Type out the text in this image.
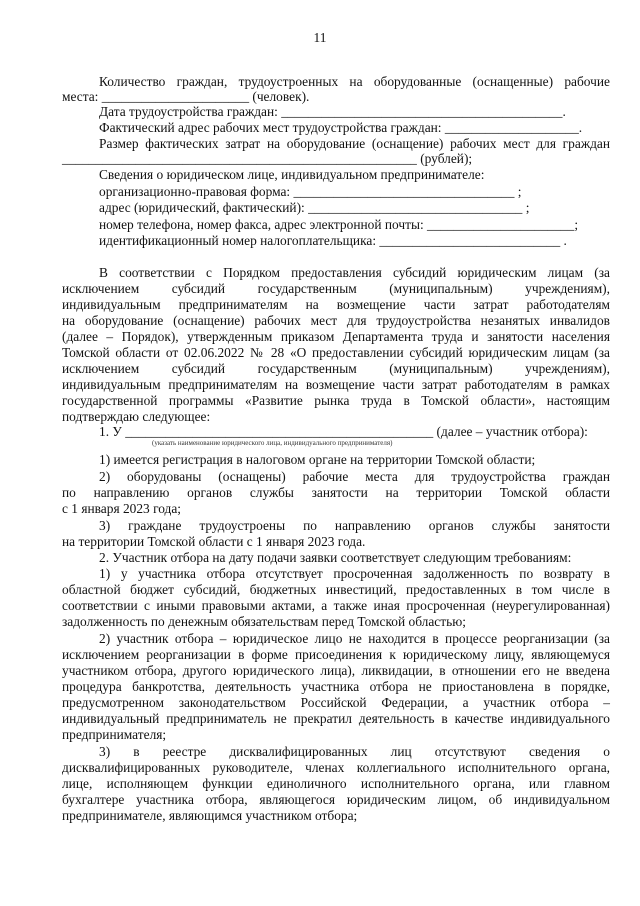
11
Количество граждан, трудоустроенных на оборудованные (оснащенные) рабочие
места: ______________________ (человек).
Дата трудоустройства граждан: __________________________________________.
Фактический адрес рабочих мест трудоустройства граждан: ____________________.
Размер фактических затрат на оборудование (оснащение) рабочих мест для граждан
_____________________________________________________ (рублей);
Сведения о юридическом лице, индивидуальном предпринимателе:
организационно-правовая форма: _________________________________ ;
адрес (юридический, фактический): ________________________________ ;
номер телефона, номер факса, адрес электронной почты: ______________________;
идентификационный номер налогоплательщика: ___________________________ .
В соответствии с Порядком предоставления субсидий юридическим лицам (за
исключением субсидий государственным (муниципальным) учреждениям),
индивидуальным предпринимателям на возмещение части затрат работодателям
на оборудование (оснащение) рабочих мест для трудоустройства незанятых инвалидов
(далее – Порядок), утвержденным приказом Департамента труда и занятости населения
Томской области от 02.06.2022 № 28 «О предоставлении субсидий юридическим лицам (за
исключением субсидий государственным (муниципальным) учреждениям),
индивидуальным предпринимателям на возмещение части затрат работодателям в рамках
государственной программы «Развитие рынка труда в Томской области», настоящим
подтверждаю следующее:
1. У ______________________________________________ (далее – участник отбора):
1) имеется регистрация в налоговом органе на территории Томской области;
2) оборудованы (оснащены) рабочие места для трудоустройства граждан
по направлению органов службы занятости на территории Томской области
с 1 января 2023 года;
3) граждане трудоустроены по направлению органов службы занятости
на территории Томской области с 1 января 2023 года.
2. Участник отбора на дату подачи заявки соответствует следующим требованиям:
1) у участника отбора отсутствует просроченная задолженность по возврату в
областной бюджет субсидий, бюджетных инвестиций, предоставленных в том числе в
соответствии с иными правовыми актами, а также иная просроченная (неурегулированная)
задолженность по денежным обязательствам перед Томской областью;
2) участник отбора – юридическое лицо не находится в процессе реорганизации (за
исключением реорганизации в форме присоединения к юридическому лицу, являющемуся
участником отбора, другого юридического лица), ликвидации, в отношении его не введена
процедура банкротства, деятельность участника отбора не приостановлена в порядке,
предусмотренном законодательством Российской Федерации, а участник отбора –
индивидуальный предприниматель не прекратил деятельность в качестве индивидуального
предпринимателя;
3) в реестре дисквалифицированных лиц отсутствуют сведения о
дисквалифицированных руководителе, членах коллегиального исполнительного органа,
лице, исполняющем функции единоличного исполнительного органа, или главном
бухгалтере участника отбора, являющегося юридическим лицом, об индивидуальном
предпринимателе, являющимся участником отбора;
(указать наименование юридического лица, индивидуального предпринимателя)
